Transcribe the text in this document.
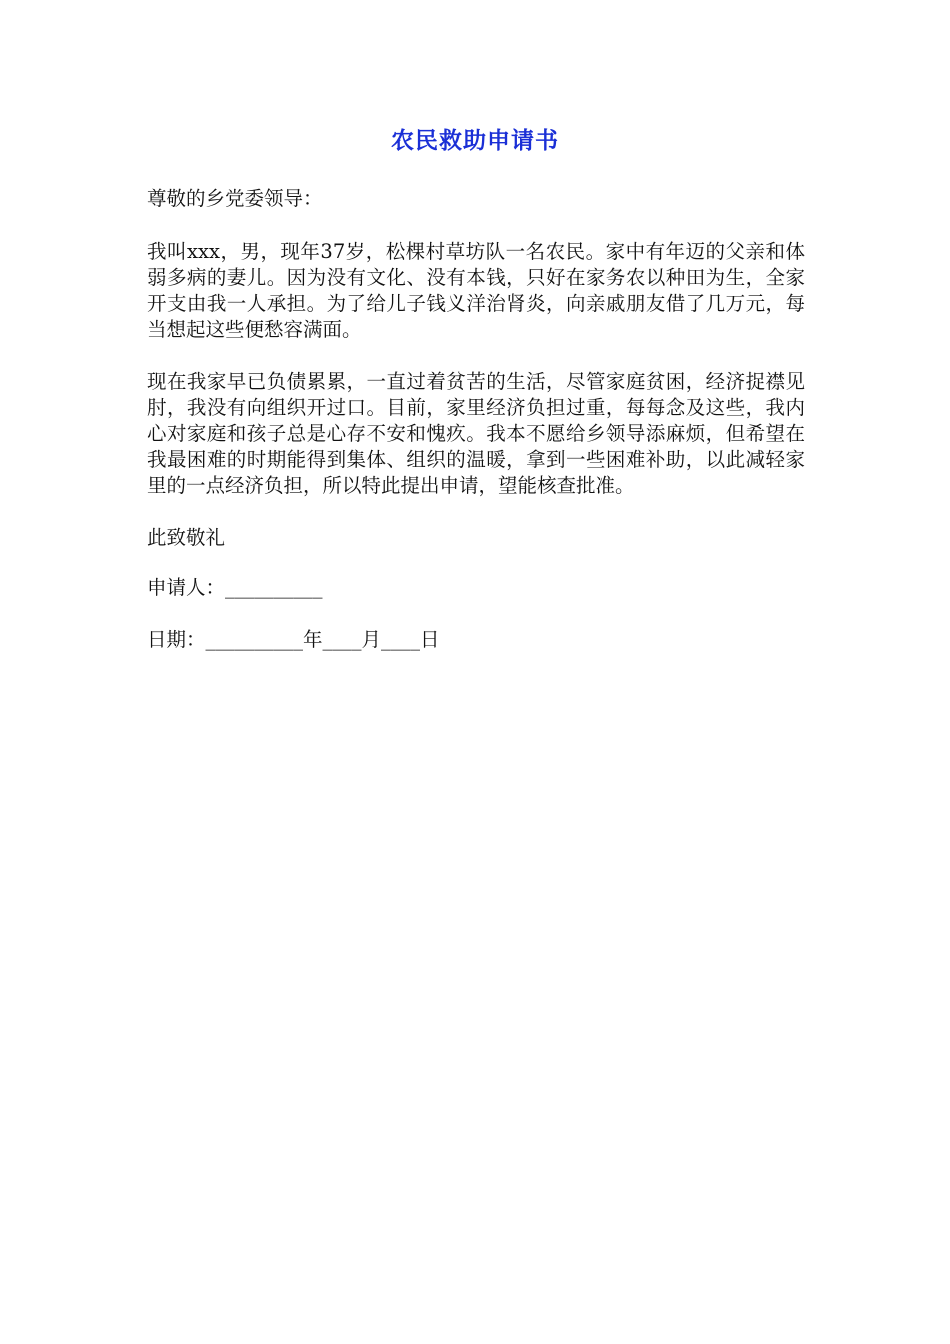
农民救助申请书

尊敬的乡党委领导：

我叫xxx，男，现年37岁，松棵村草坊队一名农民。家中有年迈的父亲和体弱多病的妻儿。因为没有文化、没有本钱，只好在家务农以种田为生，全家开支由我一人承担。为了给儿子钱义洋治肾炎，向亲戚朋友借了几万元，每当想起这些便愁容满面。

现在我家早已负债累累，一直过着贫苦的生活，尽管家庭贫困，经济捉襟见肘，我没有向组织开过口。目前，家里经济负担过重，每每念及这些，我内心对家庭和孩子总是心存不安和愧疚。我本不愿给乡领导添麻烦，但希望在我最困难的时期能得到集体、组织的温暖，拿到一些困难补助，以此减轻家里的一点经济负担，所以特此提出申请，望能核查批准。

此致敬礼

申请人：__________

日期：__________年____月____日
